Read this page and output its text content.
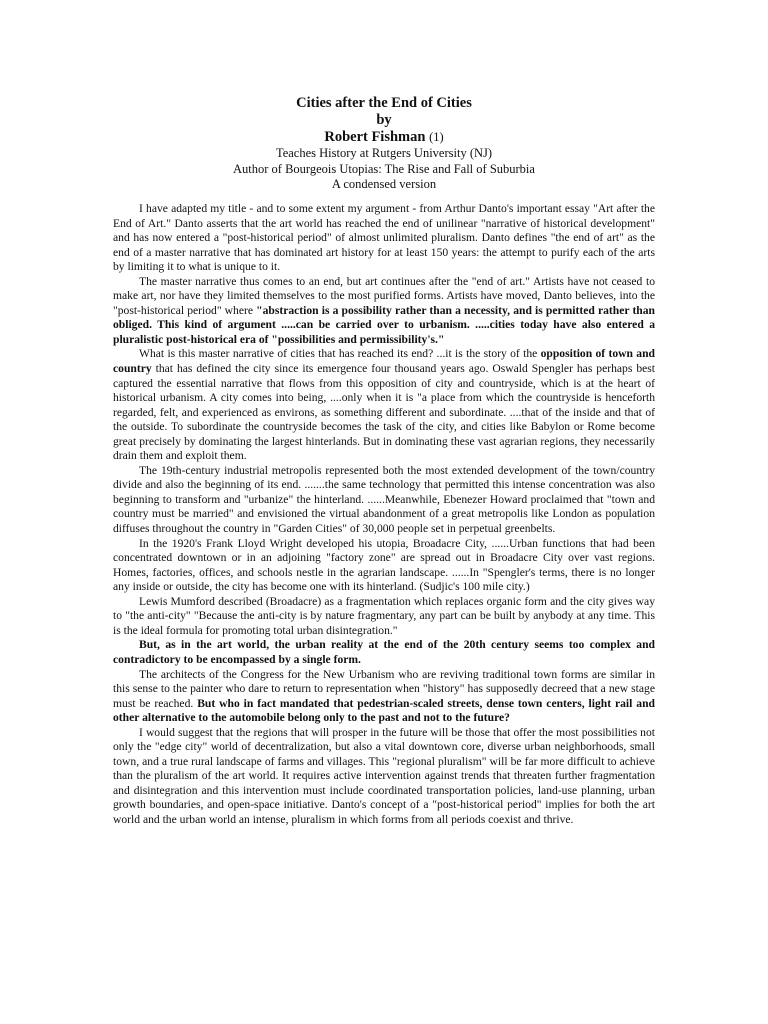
Cities after the End of Cities

by

Robert Fishman (1)

Teaches History at Rutgers University (NJ)

Author of Bourgeois Utopias: The Rise and Fall of Suburbia

A condensed version

I have adapted my title - and to some extent my argument - from Arthur Danto's important essay "Art after the End of Art." Danto asserts that the art world has reached the end of unilinear "narrative of historical development" and has now entered a "post-historical period" of almost unlimited pluralism. Danto defines "the end of art" as the end of a master narrative that has dominated art history for at least 150 years: the attempt to purify each of the arts by limiting it to what is unique to it.

The master narrative thus comes to an end, but art continues after the "end of art." Artists have not ceased to make art, nor have they limited themselves to the most purified forms. Artists have moved, Danto believes, into the "post-historical period" where "abstraction is a possibility rather than a necessity, and is permitted rather than obliged. This kind of argument .....can be carried over to urbanism. .....cities today have also entered a pluralistic post-historical era of "possibilities and permissibility's."

What is this master narrative of cities that has reached its end? ...it is the story of the opposition of town and country that has defined the city since its emergence four thousand years ago. Oswald Spengler has perhaps best captured the essential narrative that flows from this opposition of city and countryside, which is at the heart of historical urbanism. A city comes into being, ....only when it is "a place from which the countryside is henceforth regarded, felt, and experienced as environs, as something different and subordinate. ....that of the inside and that of the outside. To subordinate the countryside becomes the task of the city, and cities like Babylon or Rome become great precisely by dominating the largest hinterlands. But in dominating these vast agrarian regions, they necessarily drain them and exploit them.

The 19th-century industrial metropolis represented both the most extended development of the town/country divide and also the beginning of its end. .......the same technology that permitted this intense concentration was also beginning to transform and "urbanize" the hinterland. ......Meanwhile, Ebenezer Howard proclaimed that "town and country must be married" and envisioned the virtual abandonment of a great metropolis like London as population diffuses throughout the country in "Garden Cities" of 30,000 people set in perpetual greenbelts.

In the 1920's Frank Lloyd Wright developed his utopia, Broadacre City, ......Urban functions that had been concentrated downtown or in an adjoining "factory zone" are spread out in Broadacre City over vast regions. Homes, factories, offices, and schools nestle in the agrarian landscape. ......In "Spengler's terms, there is no longer any inside or outside, the city has become one with its hinterland. (Sudjic's 100 mile city.)

Lewis Mumford described (Broadacre) as a fragmentation which replaces organic form and the city gives way to "the anti-city" "Because the anti-city is by nature fragmentary, any part can be built by anybody at any time. This is the ideal formula for promoting total urban disintegration."

But, as in the art world, the urban reality at the end of the 20th century seems too complex and contradictory to be encompassed by a single form.

The architects of the Congress for the New Urbanism who are reviving traditional town forms are similar in this sense to the painter who dare to return to representation when "history" has supposedly decreed that a new stage must be reached. But who in fact mandated that pedestrian-scaled streets, dense town centers, light rail and other alternative to the automobile belong only to the past and not to the future?

I would suggest that the regions that will prosper in the future will be those that offer the most possibilities not only the "edge city" world of decentralization, but also a vital downtown core, diverse urban neighborhoods, small town, and a true rural landscape of farms and villages. This "regional pluralism" will be far more difficult to achieve than the pluralism of the art world. It requires active intervention against trends that threaten further fragmentation and disintegration and this intervention must include coordinated transportation policies, land-use planning, urban growth boundaries, and open-space initiative. Danto's concept of a "post-historical period" implies for both the art world and the urban world an intense, pluralism in which forms from all periods coexist and thrive.
